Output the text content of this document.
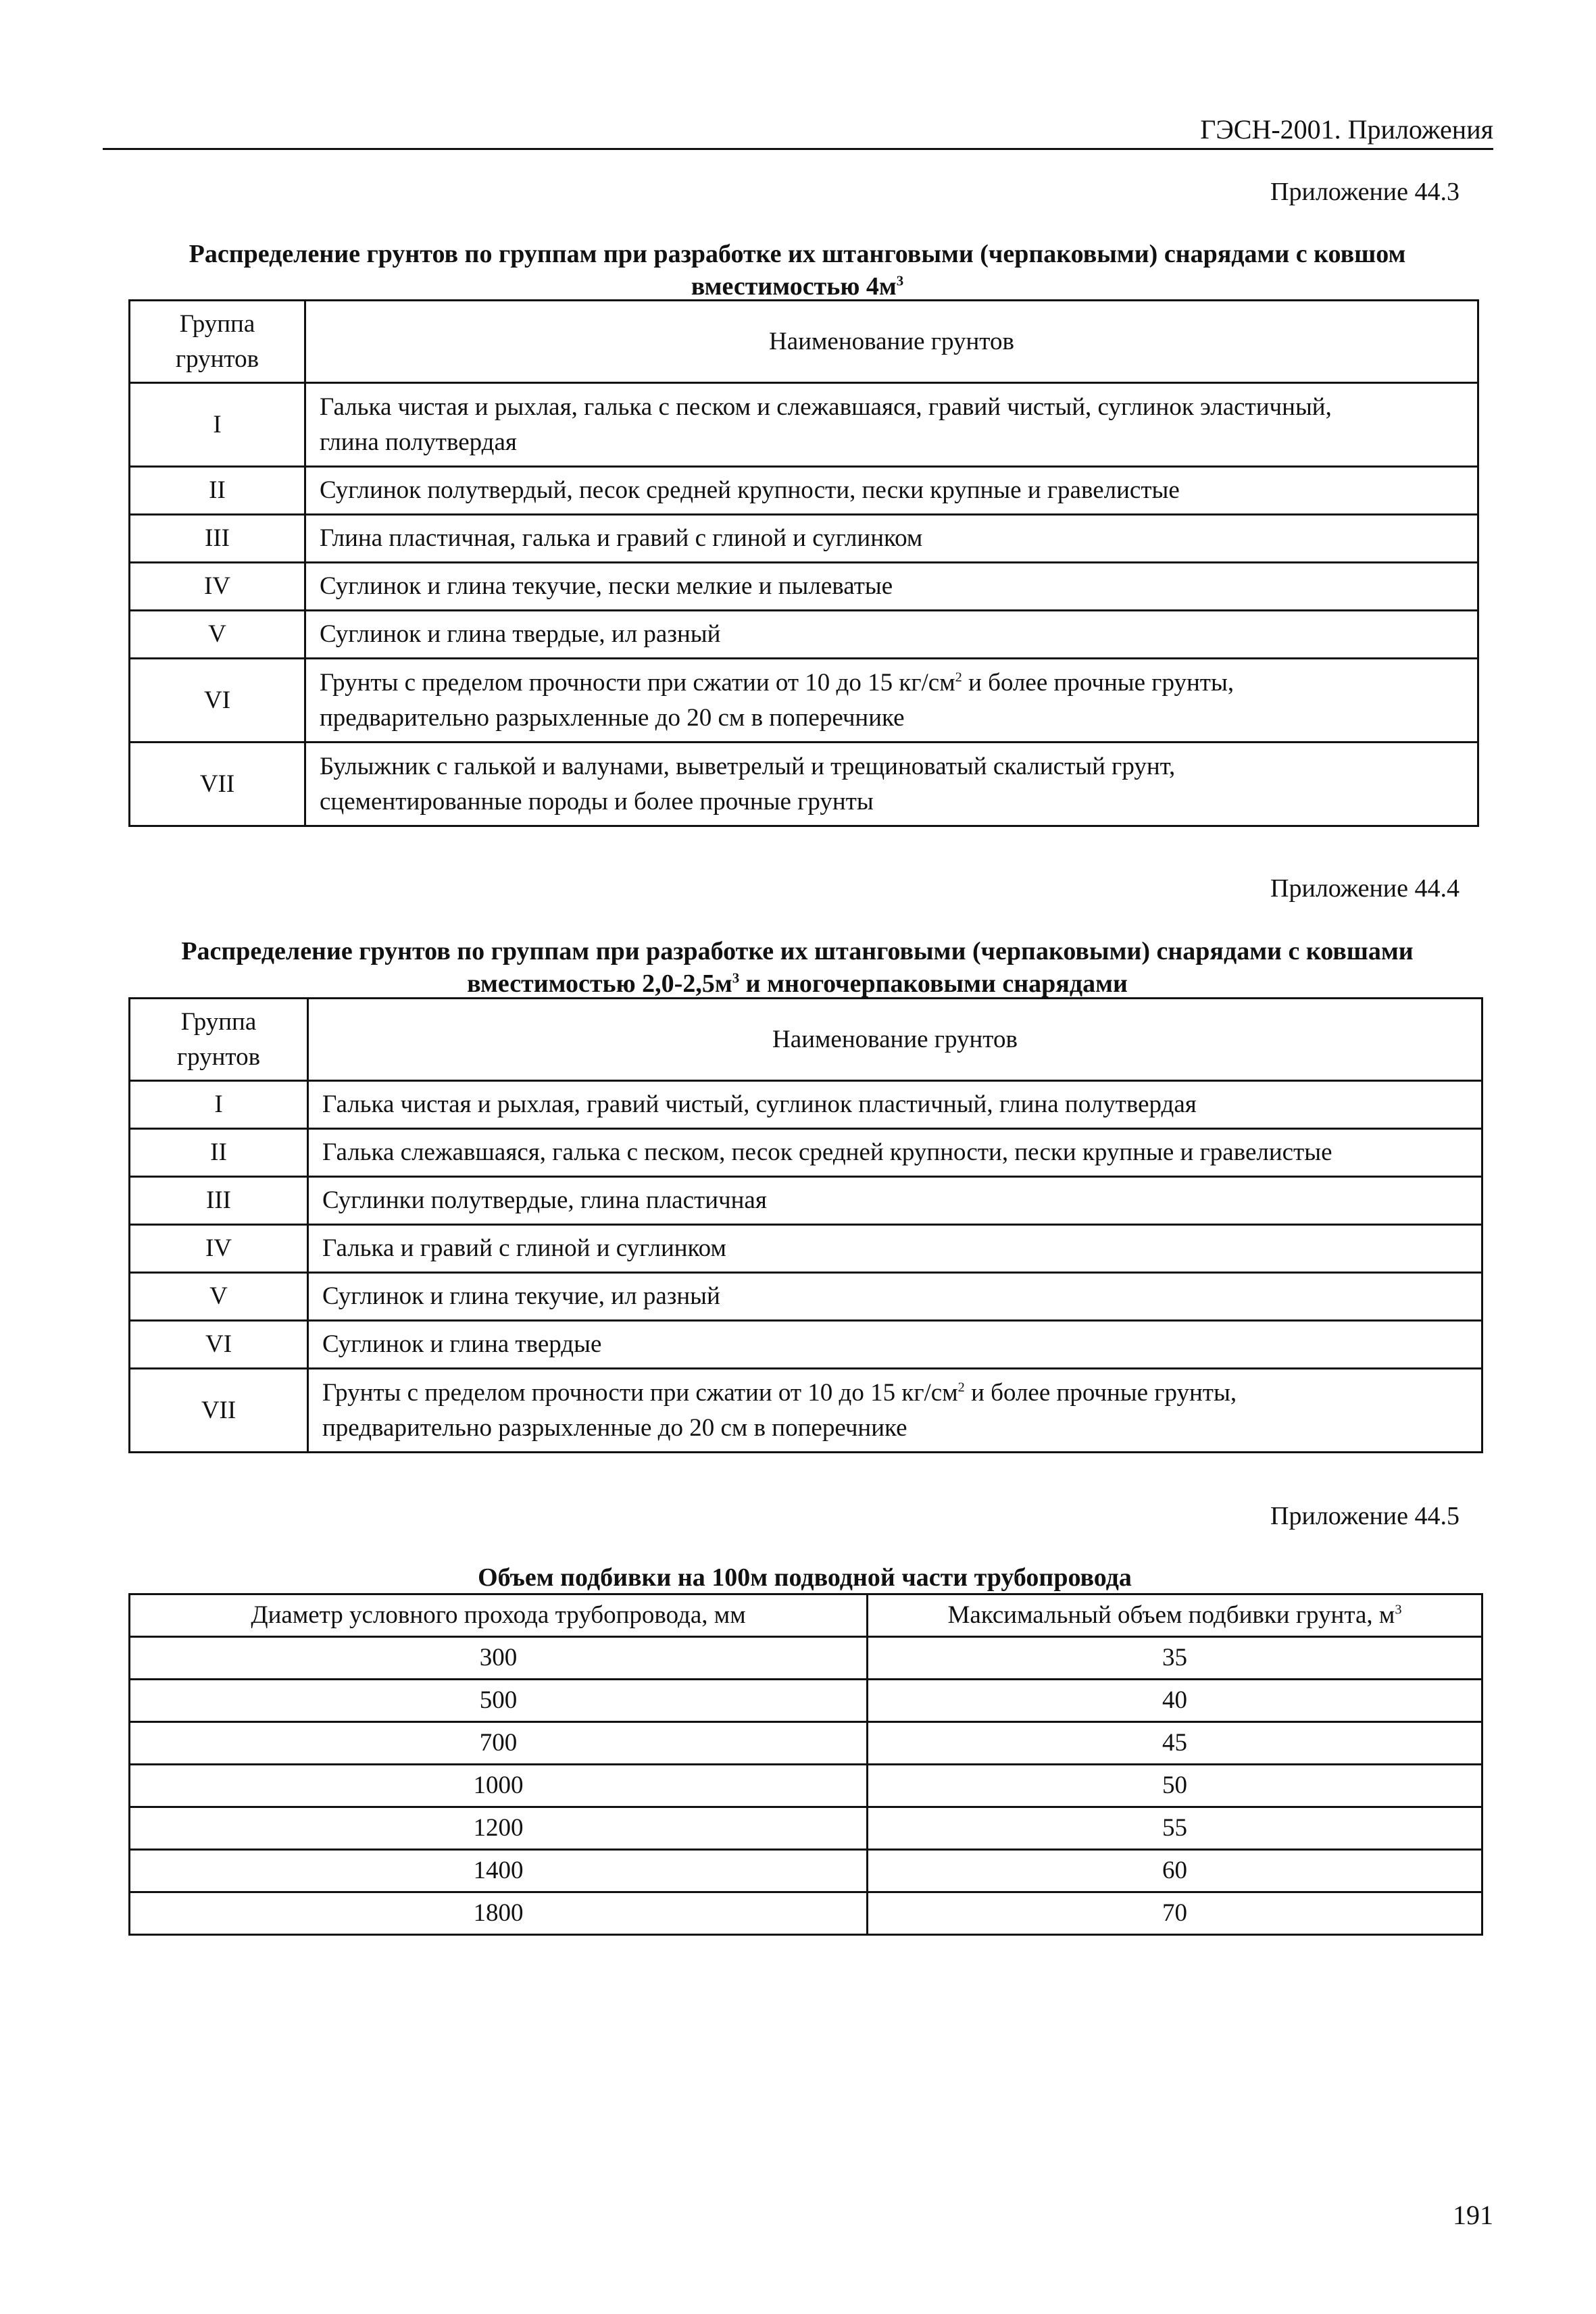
ГЭСН-2001. Приложения
Приложение 44.3
Распределение грунтов по группам при разработке их штанговыми (черпаковыми) снарядами с ковшом
вместимостью $4м^3$
Группа
грунтов	Наименование грунтов
I	Галька чистая и рыхлая, галька с песком и слежавшаяся, гравий чистый, суглинок эластичный,
глина полутвердая

II	Суглинок полутвердый, песок средней крупности, пески крупные и гравелистые
III	Глина пластичная, галька и гравий с глиной и суглинком
IV	Суглинок и глина текучие, пески мелкие и пылеватые
V	Суглинок и глина твердые, ил разный
VI	Грунты с пределом прочности при сжатии от 10 до 15 $кг/см^2$ и более прочные грунты,
предварительно разрыхленные до 20 см в поперечнике

VII	Булыжник с галькой и валунами, выветрелый и трещиноватый скалистый грунт,
сцементированные породы и более прочные грунты
Приложение 44.4
Распределение грунтов по группам при разработке их штанговыми (черпаковыми) снарядами с ковшами
вместимостью $2,0-2,5м^3$ и многочерпаковыми снарядами
Группа
грунтов	Наименование грунтов
I	Галька чистая и рыхлая, гравий чистый, суглинок пластичный, глина полутвердая
II	Галька слежавшаяся, галька с песком, песок средней крупности, пески крупные и гравелистые
III	Суглинки полутвердые, глина пластичная
IV	Галька и гравий с глиной и суглинком
V	Суглинок и глина текучие, ил разный
VI	Суглинок и глина твердые
VII	Грунты с пределом прочности при сжатии от 10 до 15 $кг/см^2$ и более прочные грунты,
предварительно разрыхленные до 20 см в поперечнике
Приложение 44.5
Объем подбивки на 100м подводной части трубопровода
Диаметр условного прохода трубопровода, мм	Максимальный объем подбивки грунта, $м^3$
300	35
500	40
700	45
1000	50
1200	55
1400	60
1800	70
191
